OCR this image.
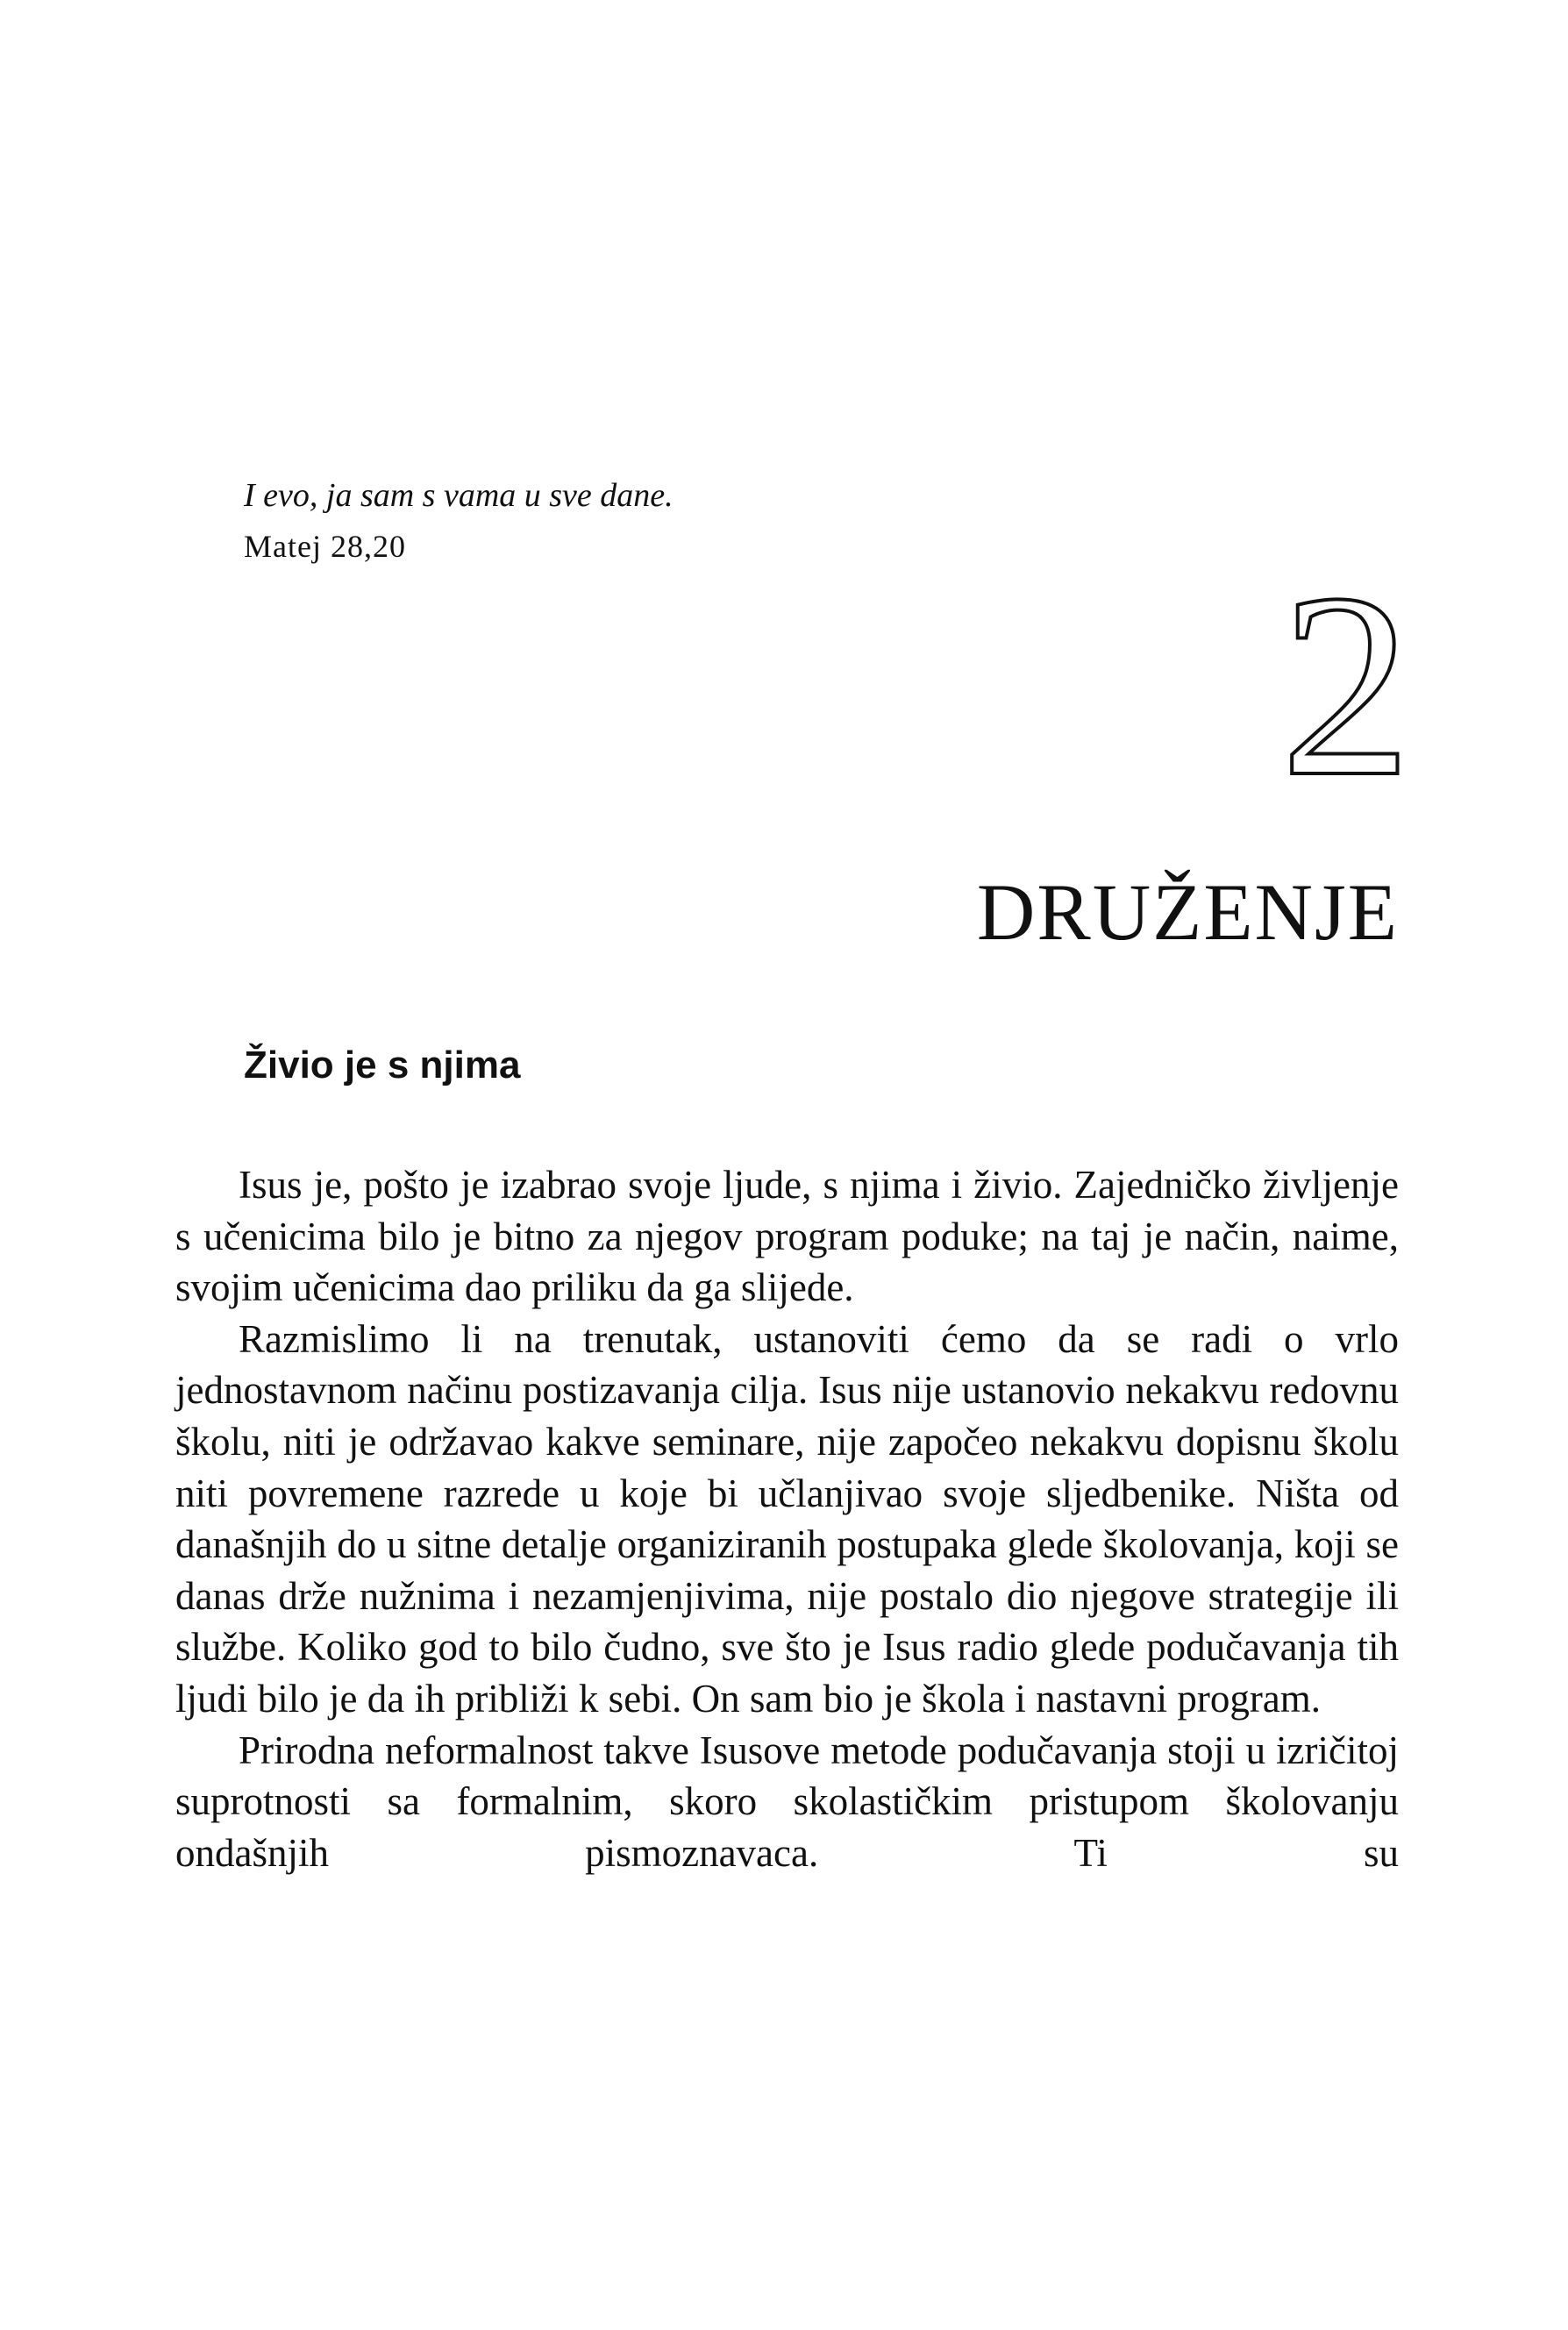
I evo, ja sam s vama u sve dane.

Matej 28,20	2
DRUŽENJE
Živio je s njima

Isus je, pošto je izabrao svoje ljude, s njima i živio. Zajedničko življenje s učenicima bilo je bitno za njegov program poduke; na taj je način, naime, svojim učenicima dao priliku da ga slijede.

Razmislimo li na trenutak, ustanoviti ćemo da se radi o vrlo jednostavnom načinu postizavanja cilja. Isus nije ustanovio nekakvu redovnu školu, niti je održavao kakve seminare, nije započeo nekakvu dopisnu školu niti povremene razrede u koje bi učlanjivao svoje sljedbenike. Ništa od današnjih do u sitne detalje organiziranih postupaka glede školovanja, koji se danas drže nužnima i nezamjenjivima, nije postalo dio njegove strategije ili službe. Koliko god to bilo čudno, sve što je Isus radio glede podučavanja tih ljudi bilo je da ih približi k sebi. On sam bio je škola i nastavni program.

Prirodna neformalnost takve Isusove metode podučavanja stoji u izričitoj suprotnosti sa formalnim, skoro skolastičkim pristupom školovanju ondašnjih pismoznavaca. Ti su
